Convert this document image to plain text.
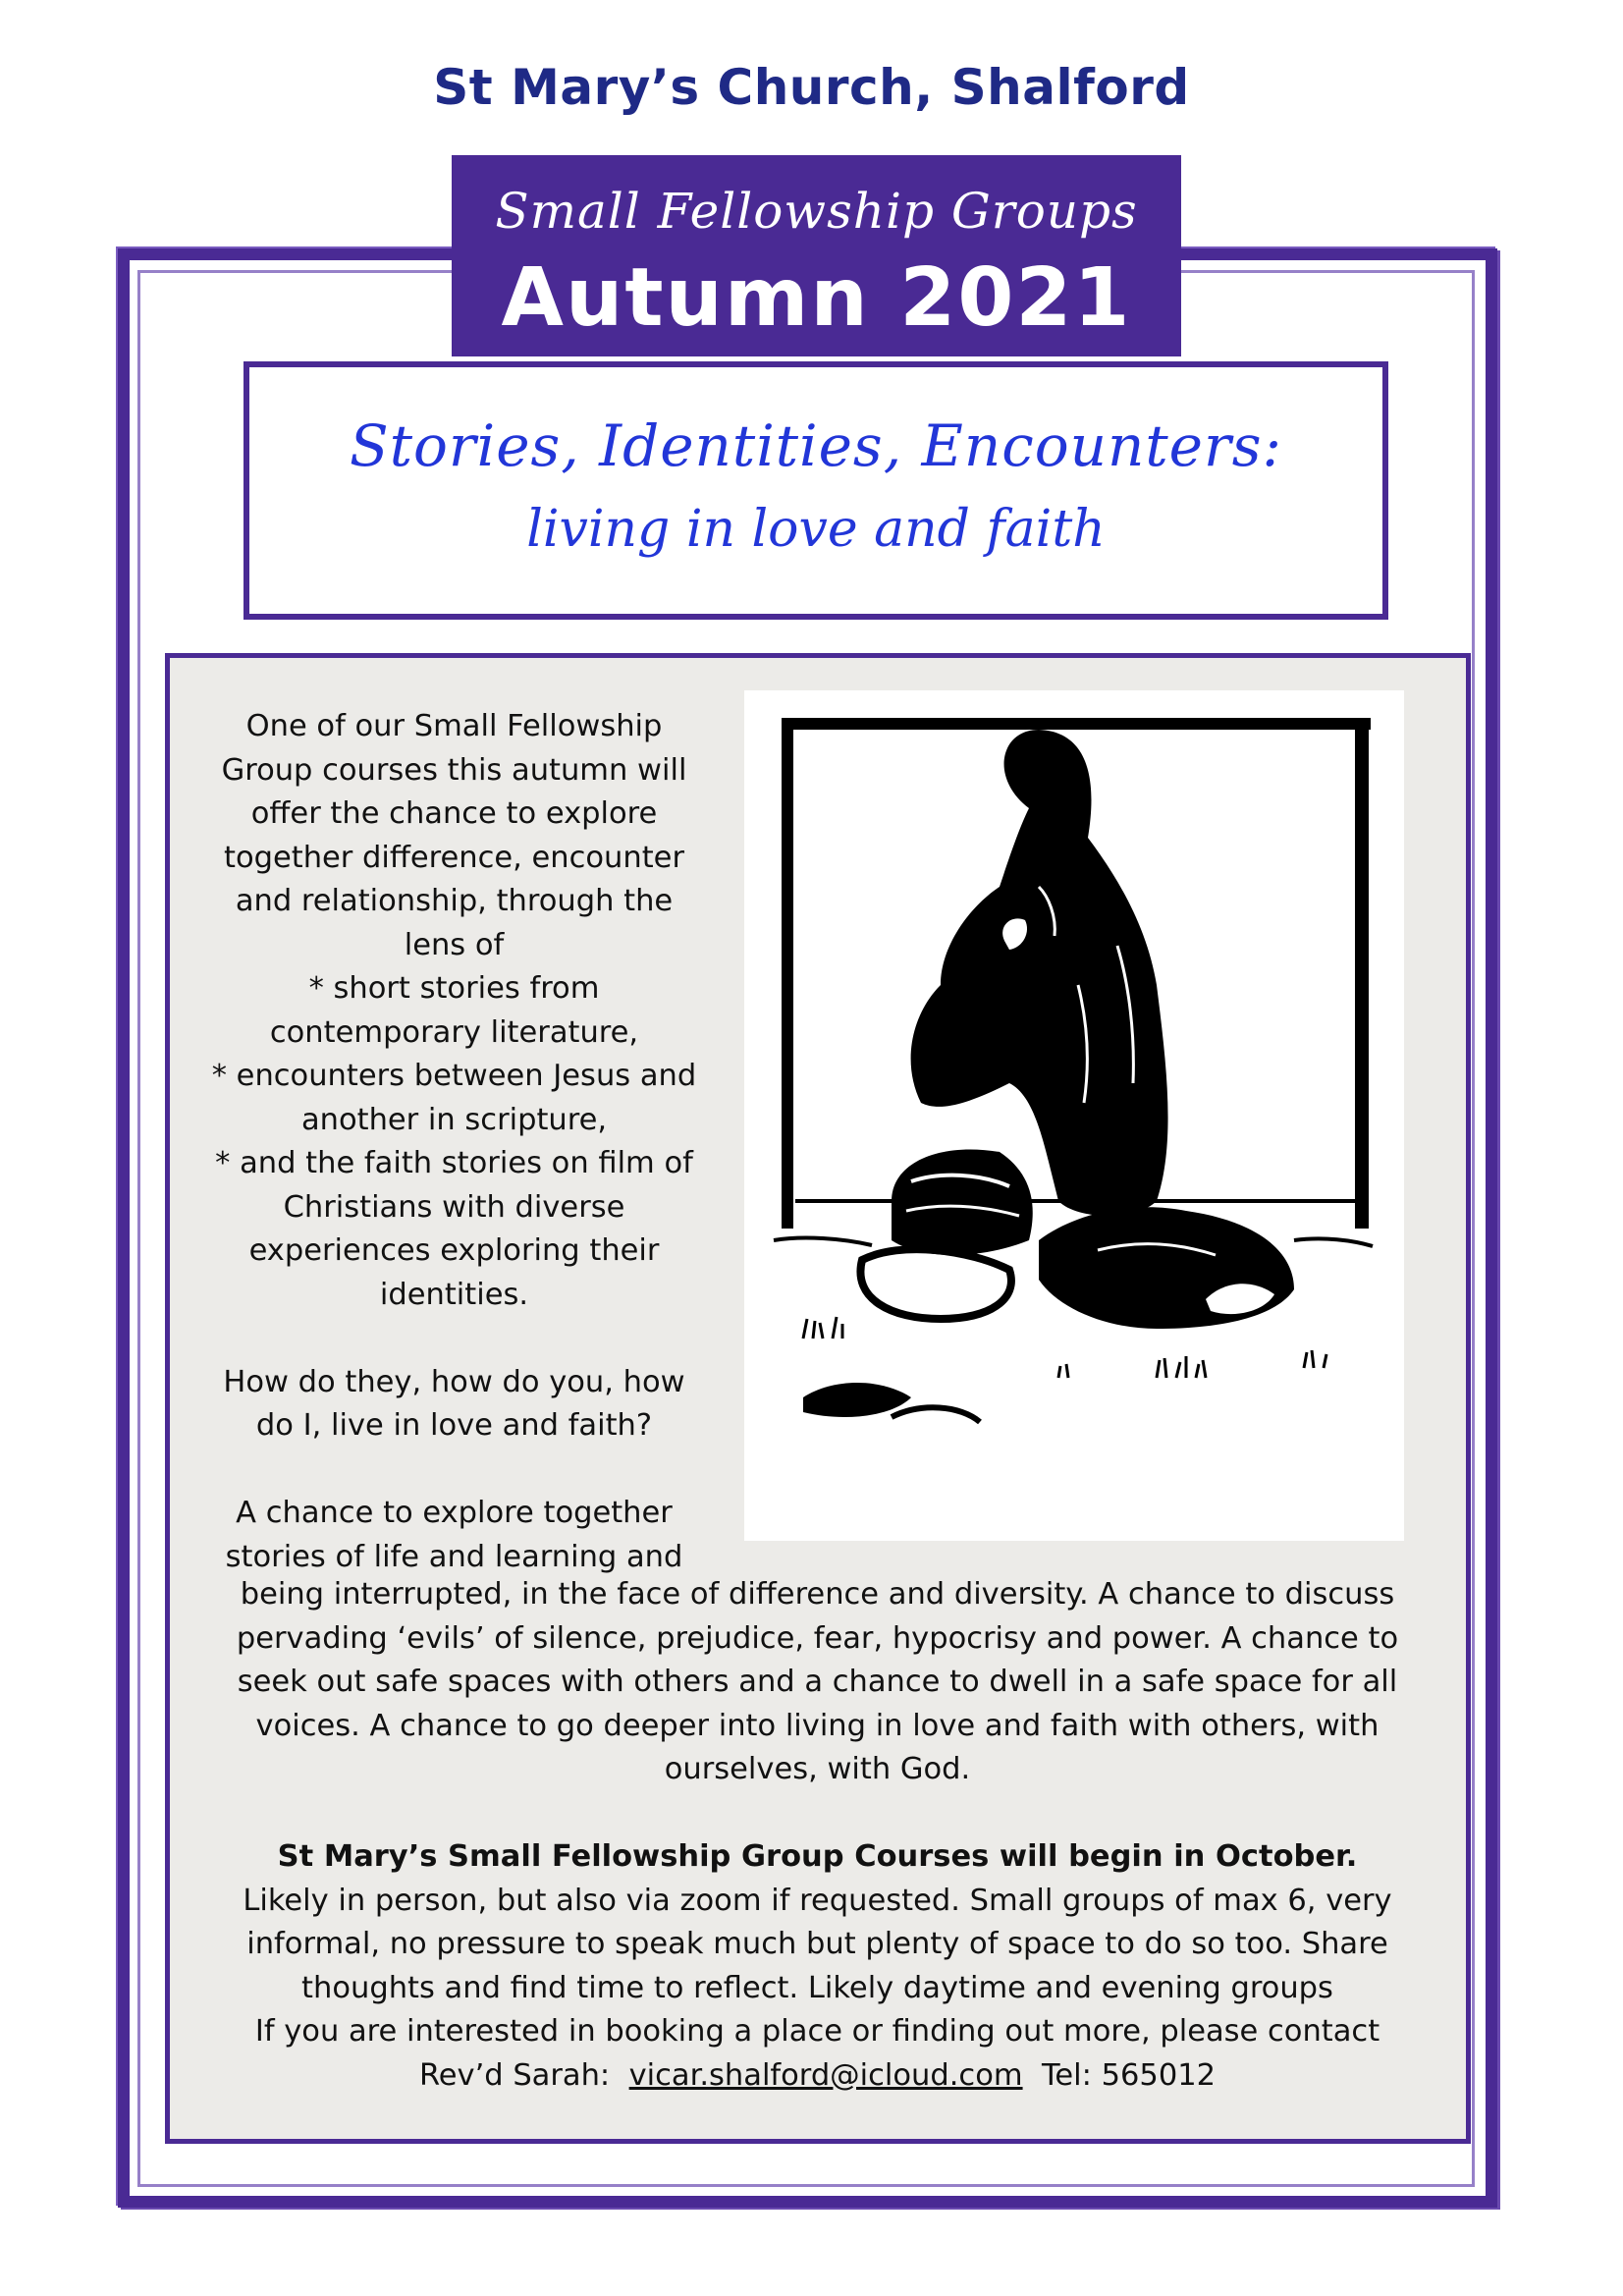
St Mary’s Church, Shalford
Small Fellowship Groups
Autumn 2021
Stories, Identities, Encounters:
living in love and faith

One of our Small Fellowship

Group courses this autumn will

offer the chance to explore

together difference, encounter

and relationship, through the

lens of

* short stories from

contemporary literature,

* encounters between Jesus and

another in scripture,

* and the faith stories on film of

Christians with diverse

experiences exploring their

identities.

How do they, how do you, how

do I, live in love and faith?

A chance to explore together

stories of life and learning and

being interrupted, in the face of difference and diversity. A chance to discuss

pervading ‘evils’ of silence, prejudice, fear, hypocrisy and power. A chance to

seek out safe spaces with others and a chance to dwell in a safe space for all

voices. A chance to go deeper into living in love and faith with others, with

ourselves, with God.

St Mary’s Small Fellowship Group Courses will begin in October.

Likely in person, but also via zoom if requested. Small groups of max 6, very

informal, no pressure to speak much but plenty of space to do so too. Share

thoughts and find time to reflect. Likely daytime and evening groups

If you are interested in booking a place or finding out more, please contact

Rev’d Sarah:  vicar.shalford@icloud.com  Tel: 565012
